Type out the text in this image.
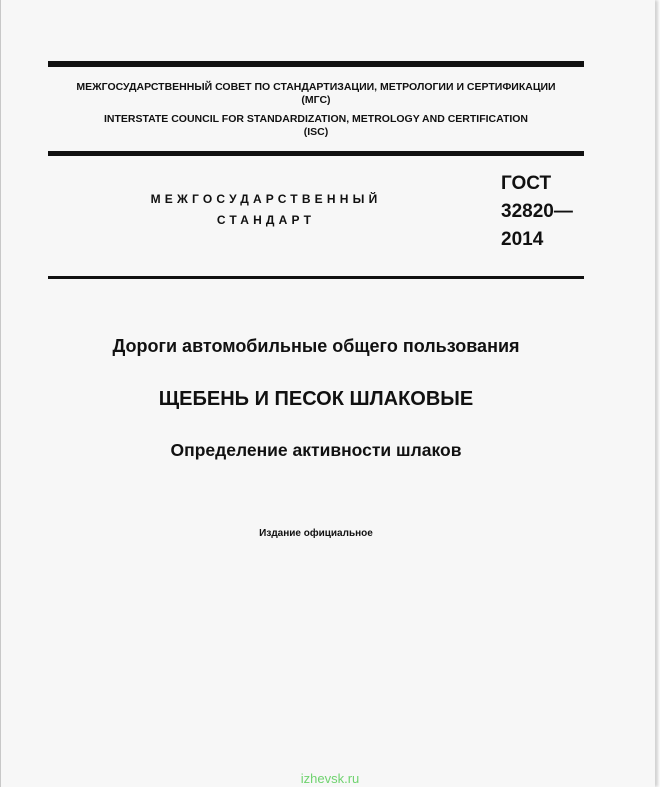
МЕЖГОСУДАРСТВЕННЫЙ СОВЕТ ПО СТАНДАРТИЗАЦИИ, МЕТРОЛОГИИ И СЕРТИФИКАЦИИ
(МГС)
INTERSTATE COUNCIL FOR STANDARDIZATION, METROLOGY AND CERTIFICATION
(ISC)
МЕЖГОСУДАРСТВЕННЫЙ
СТАНДАРТ
ГОСТ
32820—
2014
Дороги автомобильные общего пользования
ЩЕБЕНЬ И ПЕСОК ШЛАКОВЫЕ
Определение активности шлаков
Издание официальное
izhevsk.ru
